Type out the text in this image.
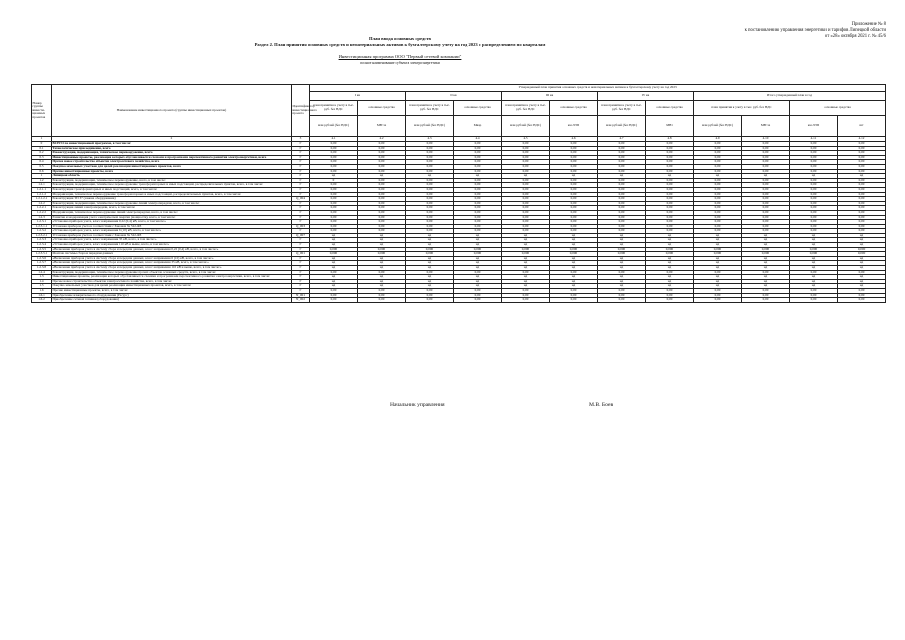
Приложение № 8
к постановлению управления энергетики и тарифов Липецкой области
от «28» октября 2021 г. № 45/6
План ввода основных средств
Раздел 2. План принятия основных средств и нематериальных активов к бухгалтерскому учету на год 2023 с распределением по кварталам
Инвестиционная программа ООО "Первый сетевой компании"
полное наименование субъекта электроэнергетики
Номер группы инвести-ционных проектов	Наименование инвестиционного проекта (группы инвестиционных проектов)	Идентификатор инвестиционного проекта	Утвержденный план принятия основных средств и нематериальных активов к бухгалтерскому учету на год 2023											
			I кв		II кв		III кв		IV кв		Итого утвержденный план в год			
			план принятия к учету в тыс. руб. без НДС	основные средства	план принятия к учету в тыс. руб. без НДС	основные средства	план принятия к учету в тыс. руб. без НДС	основные средства	план принятия к учету в тыс. руб. без НДС	основные средства	план принятия к учету в тыс. руб. без НДС		основные средства	
			млн рублей (без НДС)	МВ×А	млн рублей (без НДС)	Мвар	млн рублей (без НДС)	км ЛЭП	млн рублей (без НДС)	МВт	млн рублей (без НДС)	МВ×А	км ЛЭП	шт
1	2	3	4.1	4.2	4.3	4.4	4.5	4.6	4.7	4.8	4.9	4.10	4.11	4.12
0	ВСЕГО по инвестиционной программе, в том числе:	Г	0,00	0,00	0,00	0,00	0,00	0,00	0,00	0,00	0,00	0,00	0,00	0,00
0.1	Технологическое присоединение, всего	Г	0,00	0,00	0,00	0,00	0,00	0,00	0,00	0,00	0,00	0,00	0,00	0,00
0.2	Реконструкция, модернизация, техническое перевооружение, всего	Г	0,00	0,00	0,00	0,00	0,00	0,00	0,00	0,00	0,00	0,00	0,00	0,00
0.3	Инвестиционные проекты, реализация которых обуславливается схемами и программами перспективного развития электроэнергетики, всего	Г	0,00	0,00	0,00	0,00	0,00	0,00	0,00	0,00	0,00	0,00	0,00	0,00
0.4	Прочее новое строительство объектов электросетевого хозяйства, всего	Г	0,00	0,00	0,00	0,00	0,00	0,00	0,00	0,00	0,00	0,00	0,00	0,00
0.5	Покупка земельных участков для целей реализации инвестиционных проектов, всего	Г	0,00	0,00	0,00	0,00	0,00	0,00	0,00	0,00	0,00	0,00	0,00	0,00
0.6	Прочие инвестиционные проекты, всего	Г	0,00	0,00	0,00	0,00	0,00	0,00	0,00	0,00	0,00	0,00	0,00	0,00
1	Липецкая область	Г	нд	нд	нд	нд	нд	нд	нд	нд	нд	нд	нд	нд
1.2	Реконструкция, модернизация, техническое перевооружение, всего, в том числе:	Г	0	0,00	0,00	0,00	0,00	0,00	0,00	0,00	0,00	0,00	0,00	0,00
1.2.1	Реконструкция, модернизация, техническое перевооружение трансформаторных и иных подстанций, распределительных пунктов, всего, в том числе:	Г	0,00	0,00	0,00	0,00	0,00	0,00	0,00	0,00	0,00	0,00	0,00	0,00
1.2.1.1	Реконструкция трансформаторных и иных подстанций, всего, в том числе:	Г	0,00	0,00	0,00	0,00	0,00	0,00	0,00	0,00	0,00	0,00	0,00	0,00
1.2.1.2	Модернизация, техническое перевооружение трансформаторных и иных подстанций, распределительных пунктов, всего, в том числе:	Г	0,00	0,00	0,00	0,00	0,00	0,00	0,00	0,00	0,00	0,00	0,00	0,00
1.2.1.2.1	Реконструкция ТП 37 (замена оборудования)	Q_004	0,00	0,00	0,00	0,00	0,00	0,00	0,00	0,00	0,00	0,00	0,00	0,00
1.2.2	Реконструкция, модернизация, техническое перевооружение линий электропередачи, всего, в том числе:	Г	0,00	0,00	0,00	0,00	0,00	0,00	0,00	0,00	0,00	0,00	0,00	0,00
1.2.2.1	Реконструкция линий электропередачи, всего, в том числе:	Г	0,00	0,00	0,00	0,00	0,00	0,00	0,00	0,00	0,00	0,00	0,00	0,00
1.2.2.2	Модернизация, техническое перевооружение линий электропередачи, всего, в том числе:	Г	0,00	0,00	0,00	0,00	0,00	0,00	0,00	0,00	0,00	0,00	0,00	0,00
1.2.3	Развитие и модернизация учета электрической энергии (мощности), всего, в том числе:	Г	0,00	0,00	0,00	0,00	0,00	0,00	0,00	0,00	0,00	0,00	0,00	0,00
1.2.3.1	«Установка приборов учета, класс напряжения 0,22 (0,4) кВ, всего, в том числе:»	Г	0,00	0,00	0,00	0,00	0,00	0,00	0,00	0,00	0,00	0,00	0,00	0,00
1.2.3.1.1	Установка приборов учета в соответствии с Законом № 522-ФЗ	Q_003	0,00	0,00	0,00	0,00	0,00	0,00	0,00	0,00	0,00	0,00	0,00	0,00
1.2.3.2	«Установка приборов учета, класс напряжения 6 (10) кВ, всего, в том числе:»	Г	0,00	0,00	0,00	0,00	0,00	0,00	0,00	0,00	0,00	0,00	0,00	0,00
1.2.3.2.1	Установка приборов учета в соответствии с Законом № 522-ФЗ	Q_007	нд	нд	нд	нд	нд	нд	нд	нд	нд	нд	нд	нд
1.2.3.3	«Установка приборов учета, класс напряжения 35 кВ, всего, в том числе:»	Г	нд	нд	нд	нд	нд	нд	нд	нд	нд	нд	нд	нд
1.2.3.4	«Установка приборов учета, класс напряжения 110 кВ и выше, всего, в том числе:»	Г	нд	нд	нд	нд	нд	нд	нд	нд	нд	нд	нд	нд
1.2.3.5	«Включение приборов учета в систему сбора и передачи данных, класс напряжения 0,22 (0,4) кВ, всего, в том числе:»	Г	0,000	0,000	0,000	0,000	0,000	0,000	0,000	0,000	0,000	0,000	0,000	0,000
1.2.3.5.1	Монтаж системы сбора и передачи данных	Q_001	0,000	0,000	0,000	0,000	0,000	0,000	0,000	0,000	0,000	0,000	0,000	0,000
1.2.3.6	«Включение приборов учета в систему сбора и передачи данных, класс напряжения 6 (10) кВ, всего, в том числе:»	Г	нд	нд	нд	нд	нд	нд	нд	нд	нд	нд	нд	нд
1.2.3.7	«Включение приборов учета в систему сбора и передачи данных, класс напряжения 35 кВ, всего, в том числе:»	Г	нд	нд	нд	нд	нд	нд	нд	нд	нд	нд	нд	нд
1.2.3.8	«Включение приборов учета в систему сбора и передачи данных, класс напряжения 110 кВ и выше, всего, в том числе:»	Г	нд	нд	нд	нд	нд	нд	нд	нд	нд	нд	нд	нд
1.2.4	Реконструкция, модернизация, техническое перевооружение прочих объектов основных средств, всего, в том числе:	Г	0,00	0,00	0,00	0,00	0,00	0,00	0,00	0,00	0,00	0,00	0,00	0,00
1.3	Инвестиционные проекты, реализация которых обуславливается схемами и программами перспективного развития электроэнергетики, всего, в том числе:	Г	нд	нд	нд	нд	нд	нд	нд	нд	нд	нд	нд	нд
1.4	Прочее новое строительство объектов электросетевого хозяйства, всего, в том числе:	Г	нд	нд	нд	нд	нд	нд	нд	нд	нд	нд	нд	нд
1.5	Покупка земельных участков для целей реализации инвестиционных проектов, всего, в том числе:	Г	нд	нд	нд	нд	нд	нд	нд	нд	нд	нд	нд	нд
1.6	Прочие инвестиционные проекты, всего, в том числе:	Г	0,00	0,00	0,00	0,00	0,00	0,00	0,00	0,00	0,00	0,00	0,00	0,00
1.6.1	Приобретение измерительного оборудования (Ресурс)	N_001	0,00	0,00	0,00	0,00	0,00	0,00	0,00	0,00	0,00	0,00	0,00	0,00
1.6.2	Приобретение сетевой техники (оборудования)	N_002	0,00	0,00	0,00	0,00	0,00	0,00	0,00	0,00	0,00	0,00	0,00	0,00
Начальник управления	М.В. Боев
